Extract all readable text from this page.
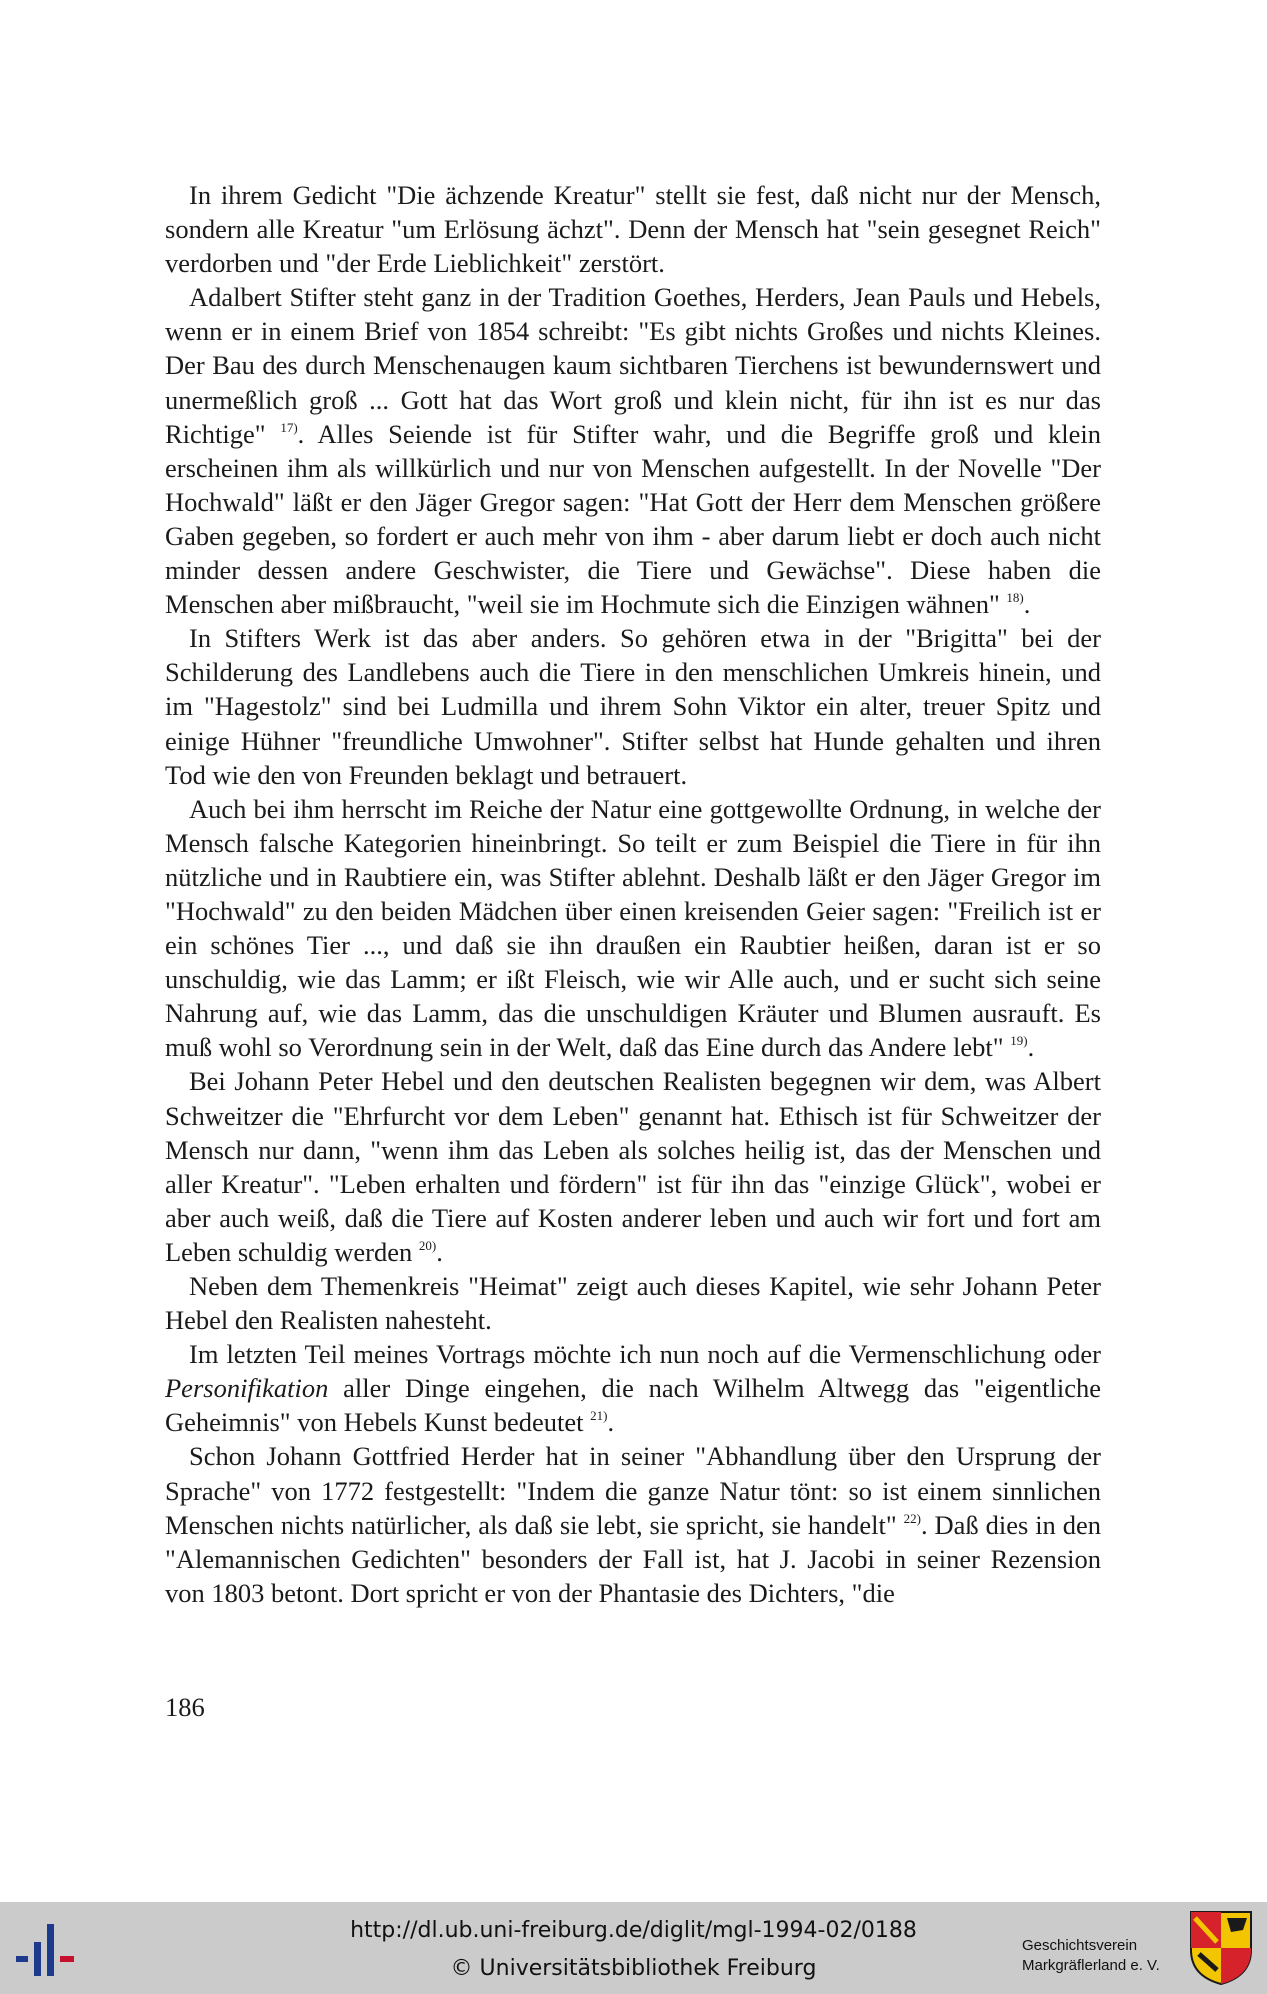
In ihrem Gedicht "Die ächzende Kreatur" stellt sie fest, daß nicht nur der Mensch, sondern alle Kreatur "um Erlösung ächzt". Denn der Mensch hat "sein gesegnet Reich" verdorben und "der Erde Lieblichkeit" zerstört.

Adalbert Stifter steht ganz in der Tradition Goethes, Herders, Jean Pauls und Hebels, wenn er in einem Brief von 1854 schreibt: "Es gibt nichts Großes und nichts Kleines. Der Bau des durch Menschenaugen kaum sichtbaren Tierchens ist bewundernswert und unermeßlich groß ... Gott hat das Wort groß und klein nicht, für ihn ist es nur das Richtige" $^{17)}$. Alles Seiende ist für Stifter wahr, und die Begriffe groß und klein erscheinen ihm als willkürlich und nur von Menschen aufgestellt. In der Novelle "Der Hochwald" läßt er den Jäger Gregor sagen: "Hat Gott der Herr dem Menschen größere Gaben gegeben, so fordert er auch mehr von ihm - aber darum liebt er doch auch nicht minder dessen andere Geschwister, die Tiere und Gewächse". Diese haben die Menschen aber mißbraucht, "weil sie im Hochmute sich die Einzigen wähnen" $^{18)}$.

In Stifters Werk ist das aber anders. So gehören etwa in der "Brigitta" bei der Schilderung des Landlebens auch die Tiere in den menschlichen Umkreis hinein, und im "Hagestolz" sind bei Ludmilla und ihrem Sohn Viktor ein alter, treuer Spitz und einige Hühner "freundliche Umwohner". Stifter selbst hat Hunde gehalten und ihren Tod wie den von Freunden beklagt und betrauert.

Auch bei ihm herrscht im Reiche der Natur eine gottgewollte Ordnung, in welche der Mensch falsche Kategorien hineinbringt. So teilt er zum Beispiel die Tiere in für ihn nützliche und in Raubtiere ein, was Stifter ablehnt. Deshalb läßt er den Jäger Gregor im "Hochwald" zu den beiden Mädchen über einen kreisenden Geier sagen: "Freilich ist er ein schönes Tier ..., und daß sie ihn draußen ein Raubtier heißen, daran ist er so unschuldig, wie das Lamm; er ißt Fleisch, wie wir Alle auch, und er sucht sich seine Nahrung auf, wie das Lamm, das die unschuldigen Kräuter und Blumen ausrauft. Es muß wohl so Verordnung sein in der Welt, daß das Eine durch das Andere lebt" $^{19)}$.

Bei Johann Peter Hebel und den deutschen Realisten begegnen wir dem, was Albert Schweitzer die "Ehrfurcht vor dem Leben" genannt hat. Ethisch ist für Schweitzer der Mensch nur dann, "wenn ihm das Leben als solches heilig ist, das der Menschen und aller Kreatur". "Leben erhalten und fördern" ist für ihn das "einzige Glück", wobei er aber auch weiß, daß die Tiere auf Kosten anderer leben und auch wir fort und fort am Leben schuldig werden $^{20)}$.

Neben dem Themenkreis "Heimat" zeigt auch dieses Kapitel, wie sehr Johann Peter Hebel den Realisten nahesteht.

Im letzten Teil meines Vortrags möchte ich nun noch auf die Vermenschlichung oder Personifikation aller Dinge eingehen, die nach Wilhelm Altwegg das "eigentliche Geheimnis" von Hebels Kunst bedeutet $^{21)}$.

Schon Johann Gottfried Herder hat in seiner "Abhandlung über den Ursprung der Sprache" von 1772 festgestellt: "Indem die ganze Natur tönt: so ist einem sinnlichen Menschen nichts natürlicher, als daß sie lebt, sie spricht, sie handelt" $^{22)}$. Daß dies in den "Alemannischen Gedichten" besonders der Fall ist, hat J. Jacobi in seiner Rezension von 1803 betont. Dort spricht er von der Phantasie des Dichters, "die

186
http://dl.ub.uni-freiburg.de/diglit/mgl-1994-02/0188
© Universitätsbibliothek Freiburg
Geschichtsverein
Markgräflerland e. V.
